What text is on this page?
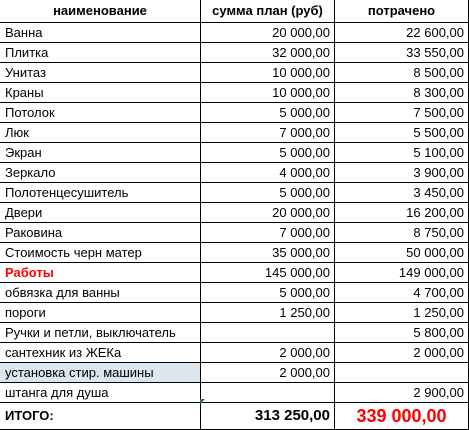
наименование	сумма план (руб)	потрачено
Ванна	20 000,00	22 600,00
Плитка	32 000,00	33 550,00
Унитаз	10 000,00	8 500,00
Краны	10 000,00	8 300,00
Потолок	5 000,00	7 500,00
Люк	7 000,00	5 500,00
Экран	5 000,00	5 100,00
Зеркало	4 000,00	3 900,00
Полотенцесушитель	5 000,00	3 450,00
Двери	20 000,00	16 200,00
Раковина	7 000,00	8 750,00
Стоимость черн матер	35 000,00	50 000,00
Работы	145 000,00	149 000,00
обвязка для ванны	5 000,00	4 700,00
пороги	1 250,00	1 250,00
Ручки и петли, выключатель		5 800,00
сантехник из ЖЕКа	2 000,00	2 000,00
установка стир. машины	2 000,00	
штанга для душа		2 900,00
ИТОГО:	313 250,00	339 000,00
